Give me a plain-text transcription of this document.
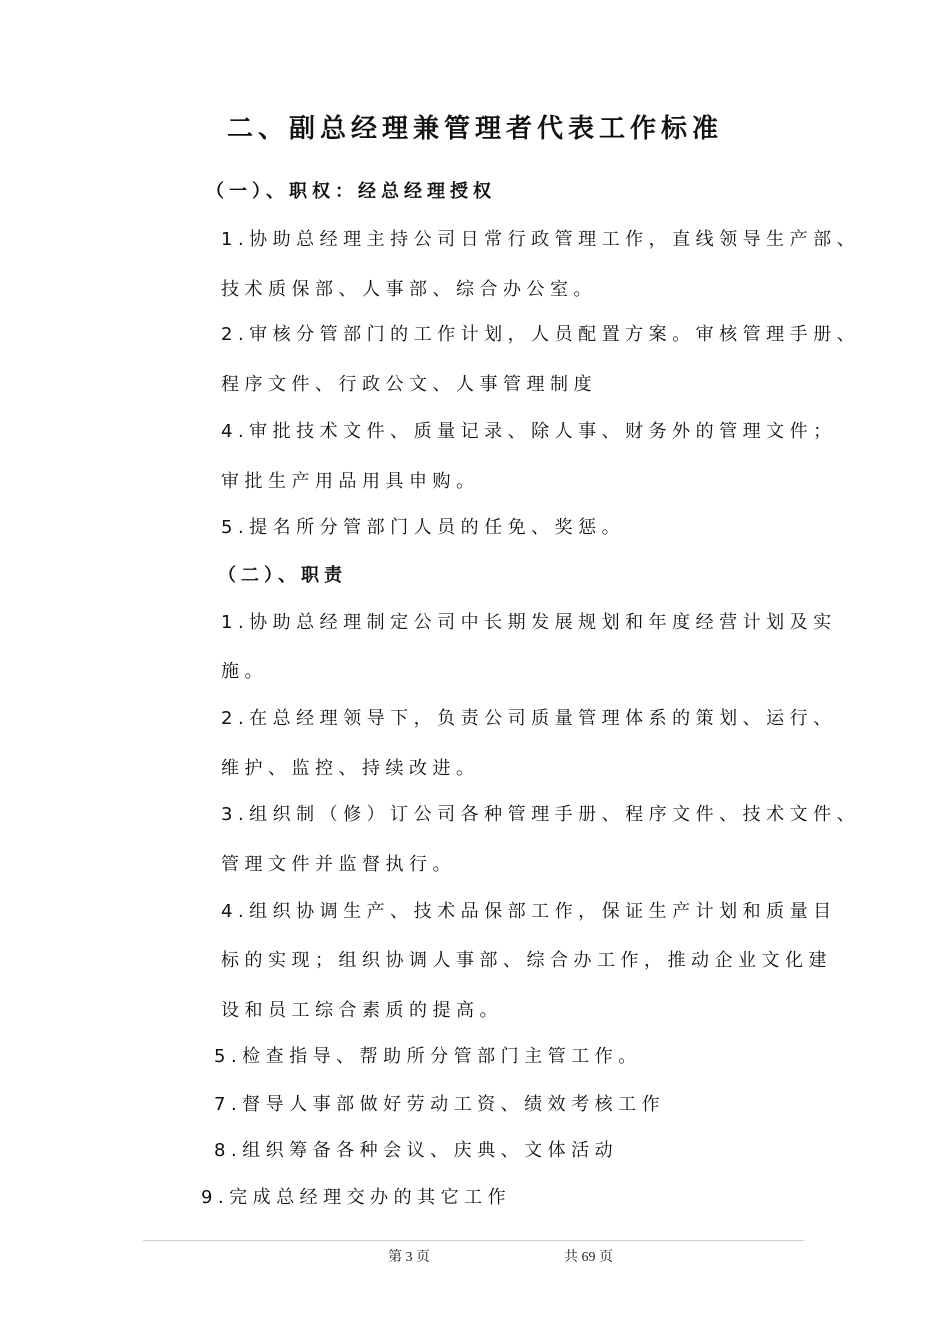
二、副总经理兼管理者代表工作标准
（一）、职权：经总经理授权
1.协助总经理主持公司日常行政管理工作，直线领导生产部、
技术质保部、人事部、综合办公室。
2.审核分管部门的工作计划，人员配置方案。审核管理手册、
程序文件、行政公文、人事管理制度
4.审批技术文件、质量记录、除人事、财务外的管理文件；
审批生产用品用具申购。
5.提名所分管部门人员的任免、奖惩。
（二）、职责
1.协助总经理制定公司中长期发展规划和年度经营计划及实
施。
2.在总经理领导下，负责公司质量管理体系的策划、运行、
维护、监控、持续改进。
3.组织制（修）订公司各种管理手册、程序文件、技术文件、
管理文件并监督执行。
4.组织协调生产、技术品保部工作，保证生产计划和质量目
标的实现；组织协调人事部、综合办工作，推动企业文化建
设和员工综合素质的提高。
5.检查指导、帮助所分管部门主管工作。
7.督导人事部做好劳动工资、绩效考核工作
8.组织筹备各种会议、庆典、文体活动
9.完成总经理交办的其它工作
第 3 页	共 69 页
